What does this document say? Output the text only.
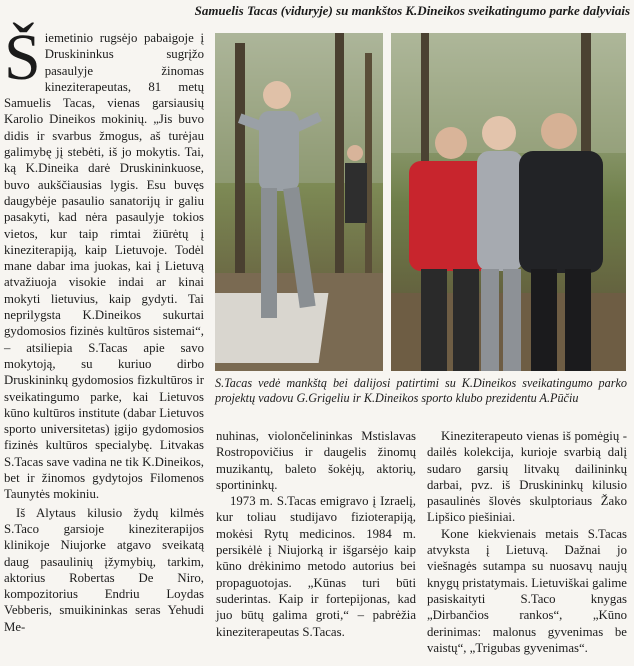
Samuelis Tacas (viduryje) su mankštos K.Dineikos sveikatingumo parke dalyviais
Š iemetinio rugsėjo pabaigoje į Druskininkus sugrįžo pasaulyje žinomas kineziterapeutas, 81 metų Samuelis Tacas, vienas garsiausių Karolio Dineikos mokinių. „Jis buvo didis ir svarbus žmogus, aš turėjau galimybę jį stebėti, iš jo mokytis. Tai, ką K.Dineika darė Druskininkuose, buvo aukščiausias lygis. Esu buvęs daugybėje pasaulio sanatorijų ir galiu pasakyti, kad nėra pasaulyje tokios vietos, kur taip rimtai žiūrėtų į kineziterapiją, kaip Lietuvoje. Todėl mane dabar ima juokas, kai į Lietuvą atvažiuoja visokie indai ar kinai mokyti lietuvius, kaip gydyti. Tai neprilygsta K.Dineikos sukurtai gydomosios fizinės kultūros sistemai“, – atsiliepia S.Tacas apie savo mokytoją, su kuriuo dirbo Druskininkų gydomosios fizkultūros ir sveikatingumo parke, kai Lietuvos kūno kultūros institute (dabar Lietuvos sporto universitetas) įgijo gydomosios fizinės kultūros specialybę. Litvakas S.Tacas save vadina ne tik K.Dineikos, bet ir žinomos gydytojos Filomenos Taunytės mokiniu.

Iš Alytaus kilusio žydų kilmės S.Taco garsioje kineziterapijos klinikoje Niujorke atgavo sveikatą daug pasaulinių įžymybių, tarkim, aktorius Robertas De Niro, kompozitorius Endriu Loydas Vebberis, smuikininkas seras Yehudi Me-

S.Tacas vedė mankštą bei dalijosi patirtimi su K.Dineikos sveikatingumo parko projektų vadovu G.Grigeliu ir K.Dineikos sporto klubo prezidentu A.Pūčiu

nuhinas, violončelininkas Mstislavas Rostropovičius ir daugelis žinomų muzikantų, baleto šokėjų, aktorių, sportininkų.

1973 m. S.Tacas emigravo į Izraelį, kur toliau studijavo fizioterapiją, mokėsi Rytų medicinos. 1984 m. persikėlė į Niujorką ir išgarsėjo kaip kūno drėkinimo metodo autorius bei propaguotojas. „Kūnas turi būti suderintas. Kaip ir fortepijonas, kad juo būtų galima groti,“ – pabrėžia kineziterapeutas S.Tacas.

Kineziterapeuto vienas iš pomėgių - dailės kolekcija, kurioje svarbią dalį sudaro garsių litvakų dailininkų darbai, pvz. iš Druskininkų kilusio pasaulinės šlovės skulptoriaus Žako Lipšico piešiniai.

Kone kiekvienais metais S.Tacas atvyksta į Lietuvą. Dažnai jo viešnagės sutampa su nuosavų naujų knygų pristatymais. Lietuviškai galime pasiskaityti S.Taco knygas „Dirbančios rankos“, „Kūno derinimas: malonus gyvenimas be vaistų“, „Trigubas gyvenimas“.
